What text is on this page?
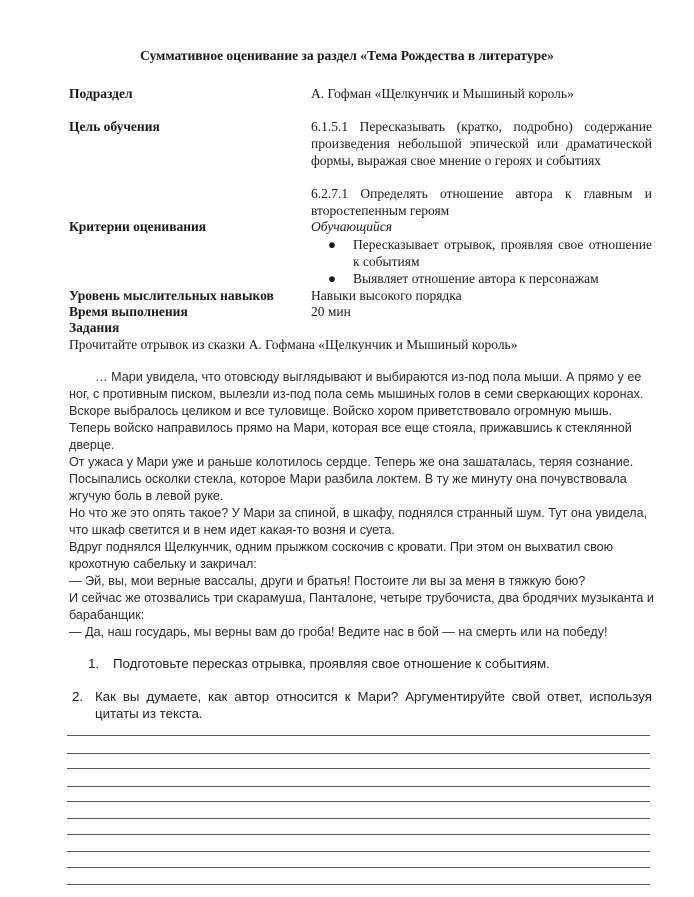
Суммативное оценивание за раздел «Тема Рождества в литературе»
Подраздел	А. Гофман «Щелкунчик и Мышиный король»
Цель обучения	6.1.5.1 Пересказывать (кратко, подробно) содержание произведения небольшой эпической или драматической формы, выражая свое мнение о героях и событиях
6.2.7.1 Определять отношение автора к главным и второстепенным героям
Критерии оценивания	Обучающийся
● Пересказывает отрывок, проявляя свое отношение к событиям
● Выявляет отношение автора к персонажам
Уровень мыслительных навыков	Навыки высокого порядка
Время выполнения	20 мин
Задания
Прочитайте отрывок из сказки А. Гофмана «Щелкунчик и Мышиный король»

… Мари увидела, что отовсюду выглядывают и выбираются из-под пола мыши. А прямо у ее ног, с противным писком, вылезли из-под пола семь мышиных голов в семи сверкающих коронах. Вскоре выбралось целиком и все туловище. Войско хором приветствовало огромную мышь. Теперь войско направилось прямо на Мари, которая все еще стояла, прижавшись к стеклянной дверце.

От ужаса у Мари уже и раньше колотилось сердце. Теперь же она зашаталась, теряя сознание. Посыпались осколки стекла, которое Мари разбила локтем. В ту же минуту она почувствовала жгучую боль в левой руке.

Но что же это опять такое? У Мари за спиной, в шкафу, поднялся странный шум. Тут она увидела, что шкаф светится и в нем идет какая-то возня и суета.

Вдруг поднялся Щелкунчик, одним прыжком соскочив с кровати. При этом он выхватил свою крохотную сабельку и закричал:

— Эй, вы, мои верные вассалы, други и братья! Постоите ли вы за меня в тяжкую бою?

И сейчас же отозвались три скарамуша, Панталоне, четыре трубочиста, два бродячих музыканта и барабанщик:

— Да, наш государь, мы верны вам до гроба! Ведите нас в бой — на смерть или на победу!

1. Подготовьте пересказ отрывка, проявляя свое отношение к событиям.
2. Как вы думаете, как автор относится к Мари? Аргументируйте свой ответ, используя цитаты из текста.
